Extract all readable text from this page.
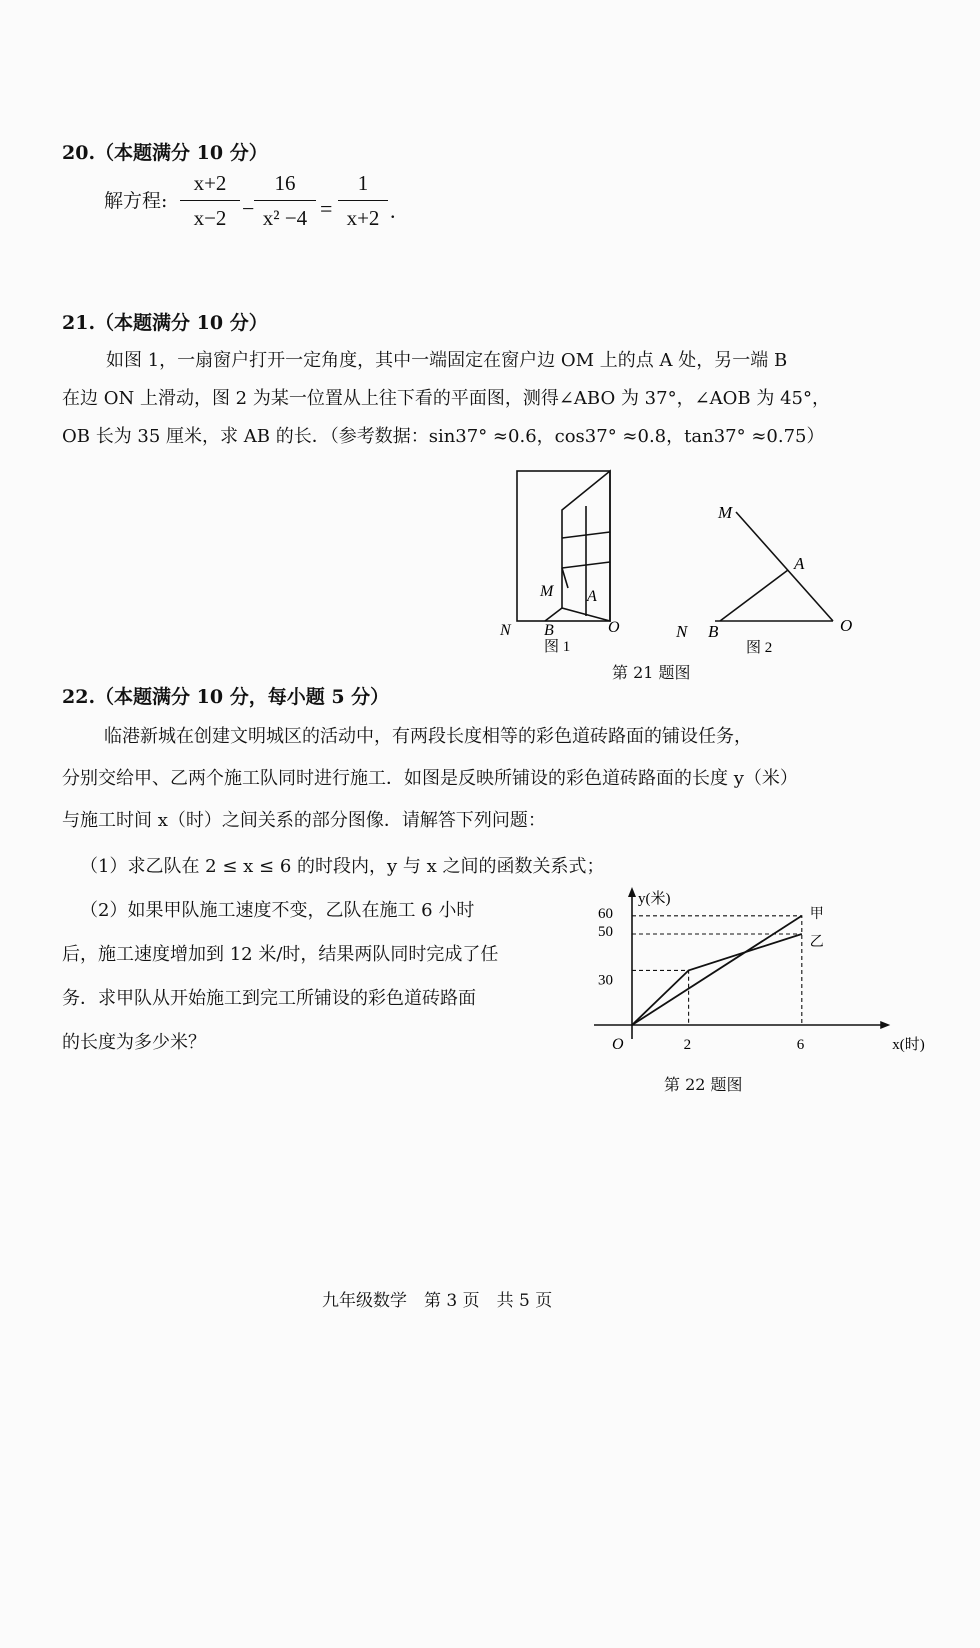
20.（本题满分 10 分）
解方程:
x+2
x−2 −
16
x² −4 =
1
x+2 .
21.（本题满分 10 分）
如图 1，一扇窗户打开一定角度，其中一端固定在窗户边 OM 上的点 A 处，另一端 B
在边 ON 上滑动，图 2 为某一位置从上往下看的平面图，测得∠ABO 为 37°，∠AOB 为 45°，
OB 长为 35 厘米，求 AB 的长．（参考数据：sin37° ≈0.6，cos37° ≈0.8，tan37° ≈0.75）
M A
N B	O
图 1
M
A
N B	O
图 2
第 21 题图
22.（本题满分 10 分，每小题 5 分）
临港新城在创建文明城区的活动中，有两段长度相等的彩色道砖路面的铺设任务，
分别交给甲、乙两个施工队同时进行施工．如图是反映所铺设的彩色道砖路面的长度 y（米）
与施工时间 x（时）之间关系的部分图像．请解答下列问题：
（1）求乙队在 2 ≤ x ≤ 6 的时段内，y 与 x 之间的函数关系式；
（2）如果甲队施工速度不变，乙队在施工 6 小时
后，施工速度增加到 12 米/时，结果两队同时完成了任
务．求甲队从开始施工到完工所铺设的彩色道砖路面
的长度为多少米？
甲
乙
2	6
30
50
60
O	x(时)
y(米)
第 22 题图
九年级数学　第 3 页　共 5 页
